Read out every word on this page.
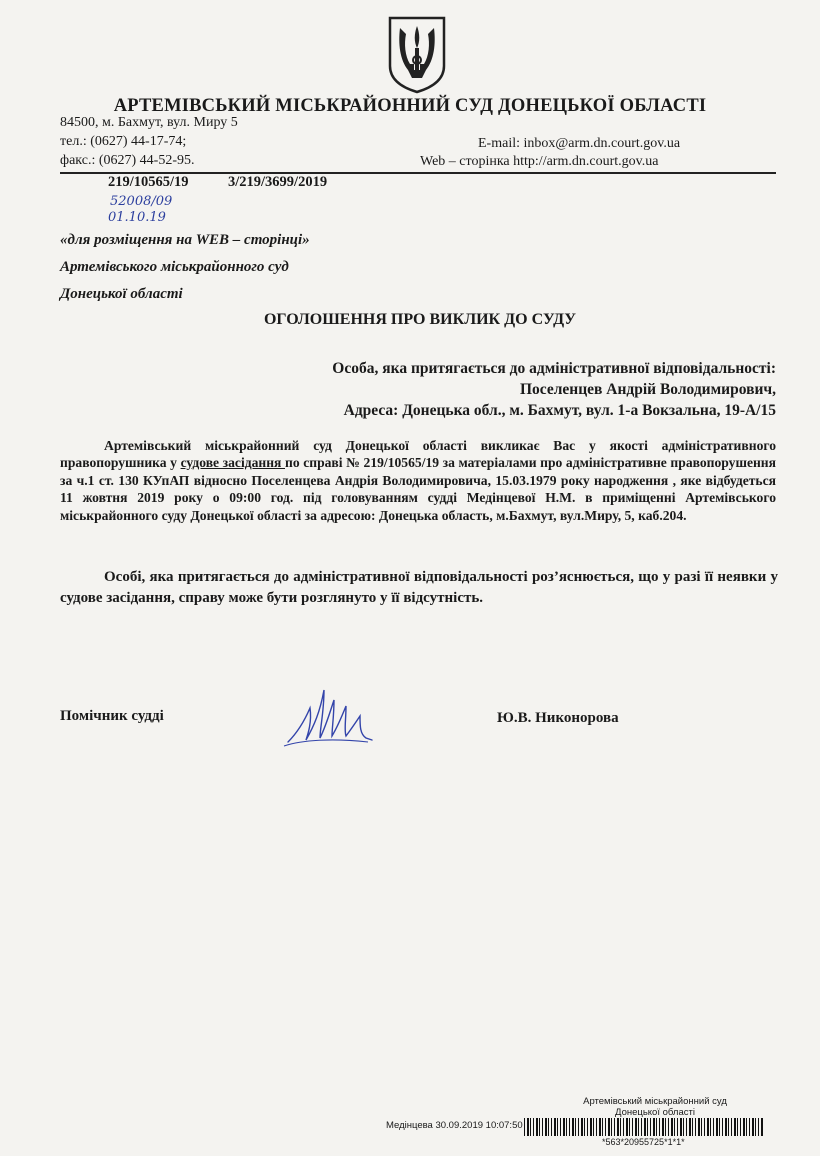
АРТЕМІВСЬКИЙ МІСЬКРАЙОННИЙ СУД ДОНЕЦЬКОЇ ОБЛАСТІ
84500, м. Бахмут, вул. Миру 5
тел.: (0627) 44-17-74;
факс.: (0627) 44-52-95.
E-mail: inbox@arm.dn.court.gov.ua
Web – сторінка http://arm.dn.court.gov.ua
219/10565/19	3/219/3699/2019
52008/09
01.10.19
«для розміщення на WEB – сторінці»
Артемівського міськрайонного суд
Донецької області
ОГОЛОШЕННЯ ПРО ВИКЛИК ДО СУДУ
Особа, яка притягається до адміністративної відповідальності:
Поселенцев Андрій Володимирович,
Адреса: Донецька обл., м. Бахмут, вул. 1-а Вокзальна, 19-А/15

Артемівський міськрайонний суд Донецької області викликає Вас у якості адміністративного правопорушника у судове засідання по справі № 219/10565/19 за матеріалами про адміністративне правопорушення за ч.1 ст. 130 КУпАП відносно Поселенцева Андрія Володимировича, 15.03.1979 року народження , яке відбудеться 11 жовтня 2019 року о 09:00 год. під головуванням судді Медінцевої Н.М. в приміщенні Артемівського міськрайонного суду Донецької області за адресою: Донецька область, м.Бахмут, вул.Миру, 5, каб.204.

Особі, яка притягається до адміністративної відповідальності роз’яснюється, що у разі її неявки у судове засідання, справу може бути розглянуто у її відсутність.
Помічник судді	Ю.В. Никонорова
Артемівський міськрайонний суд
Донецької області
Медінцева 30.09.2019 10:07:50
*563*20955725*1*1*
